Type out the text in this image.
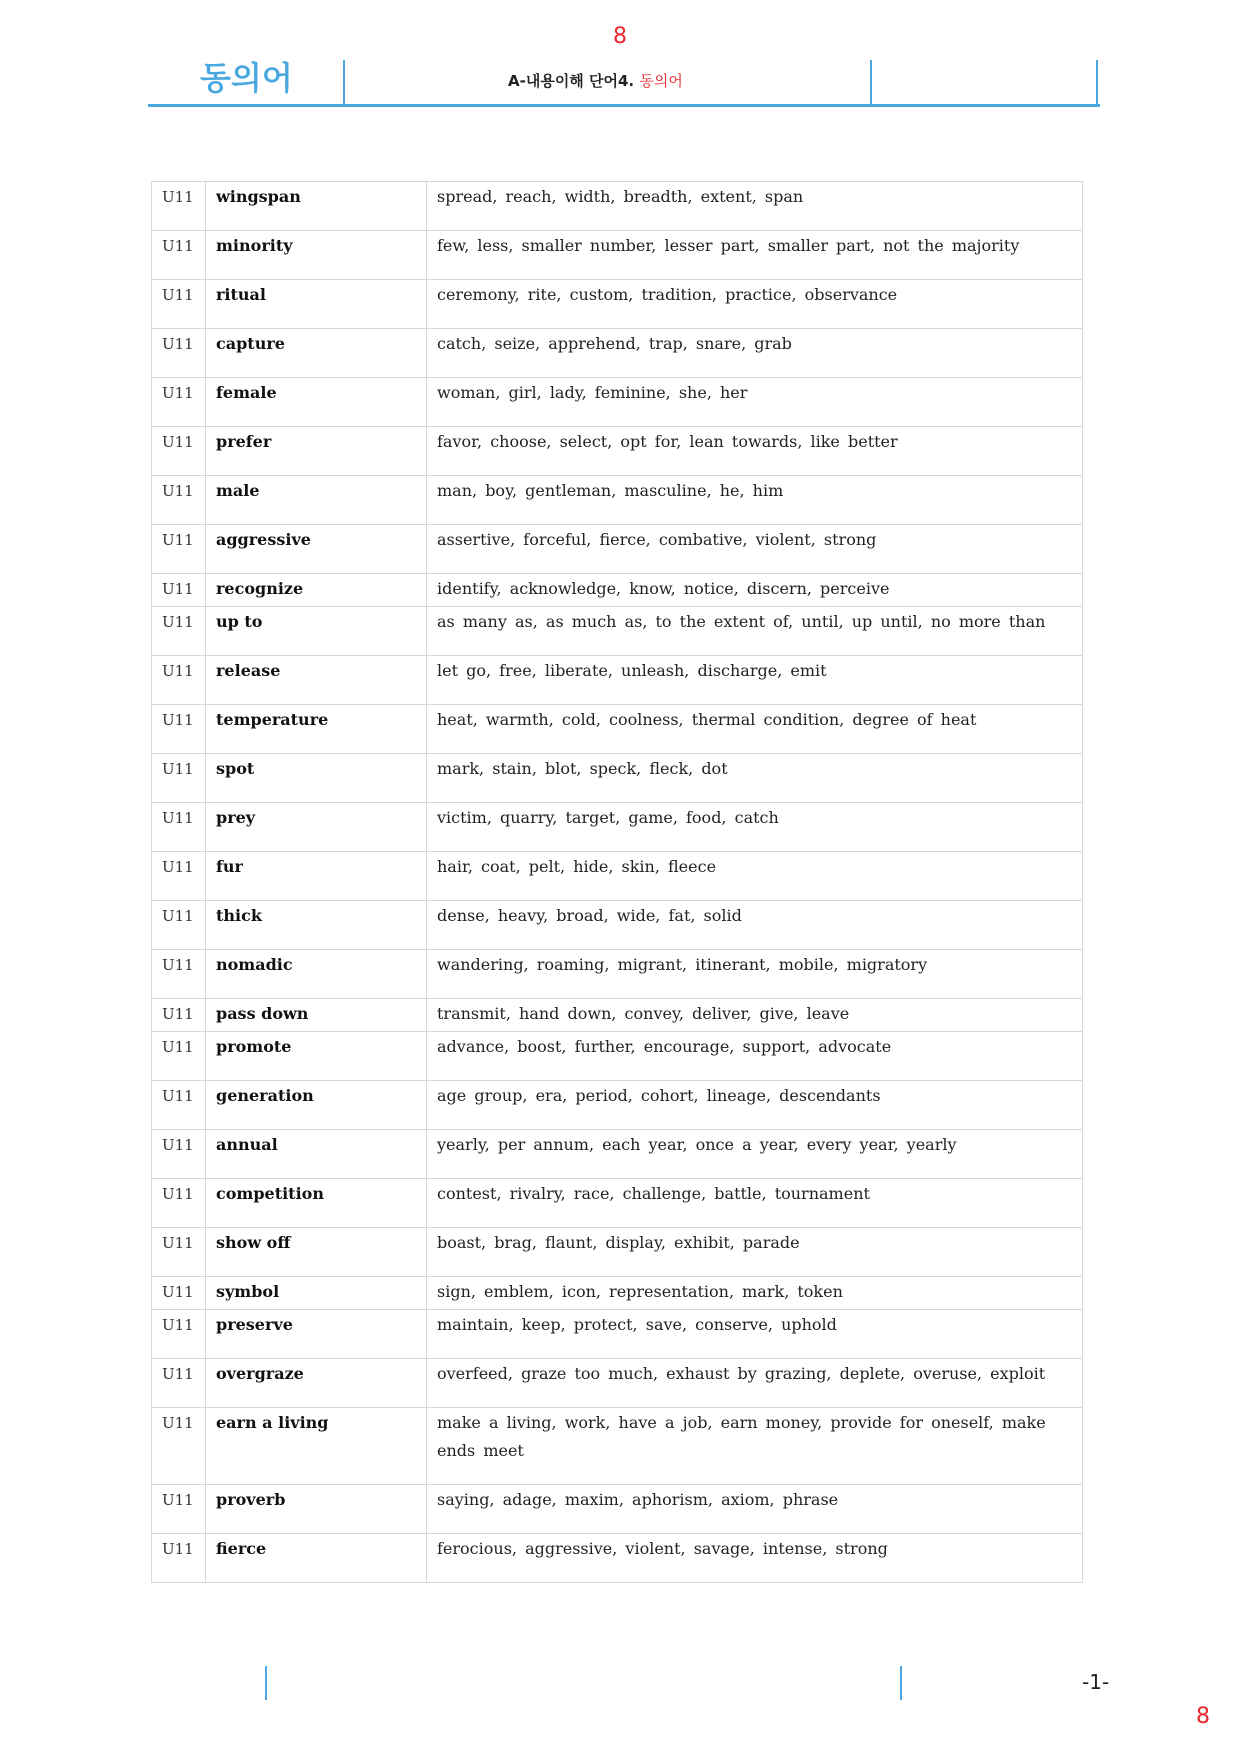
8
동의어	A-내용이해 단어4. 동의어
U11	wingspan	spread, reach, width, breadth, extent, span

U11	minority	few, less, smaller number, lesser part, smaller part, not the majority

U11	ritual	ceremony, rite, custom, tradition, practice, observance

U11	capture	catch, seize, apprehend, trap, snare, grab

U11	female	woman, girl, lady, feminine, she, her

U11	prefer	favor, choose, select, opt for, lean towards, like better

U11	male	man, boy, gentleman, masculine, he, him

U11	aggressive	assertive, forceful, fierce, combative, violent, strong

U11	recognize	identify, acknowledge, know, notice, discern, perceive

U11	up to	as many as, as much as, to the extent of, until, up until, no more than

U11	release	let go, free, liberate, unleash, discharge, emit

U11	temperature	heat, warmth, cold, coolness, thermal condition, degree of heat

U11	spot	mark, stain, blot, speck, fleck, dot

U11	prey	victim, quarry, target, game, food, catch

U11	fur	hair, coat, pelt, hide, skin, fleece

U11	thick	dense, heavy, broad, wide, fat, solid

U11	nomadic	wandering, roaming, migrant, itinerant, mobile, migratory

U11	pass down	transmit, hand down, convey, deliver, give, leave

U11	promote	advance, boost, further, encourage, support, advocate

U11	generation	age group, era, period, cohort, lineage, descendants

U11	annual	yearly, per annum, each year, once a year, every year, yearly

U11	competition	contest, rivalry, race, challenge, battle, tournament

U11	show off	boast, brag, flaunt, display, exhibit, parade

U11	symbol	sign, emblem, icon, representation, mark, token

U11	preserve	maintain, keep, protect, save, conserve, uphold

U11	overgraze	overfeed, graze too much, exhaust by grazing, deplete, overuse, exploit

U11	earn a living	make a living, work, have a job, earn money, provide for oneself, make ends meet

U11	proverb	saying, adage, maxim, aphorism, axiom, phrase

U11	fierce	ferocious, aggressive, violent, savage, intense, strong
-1-
8
